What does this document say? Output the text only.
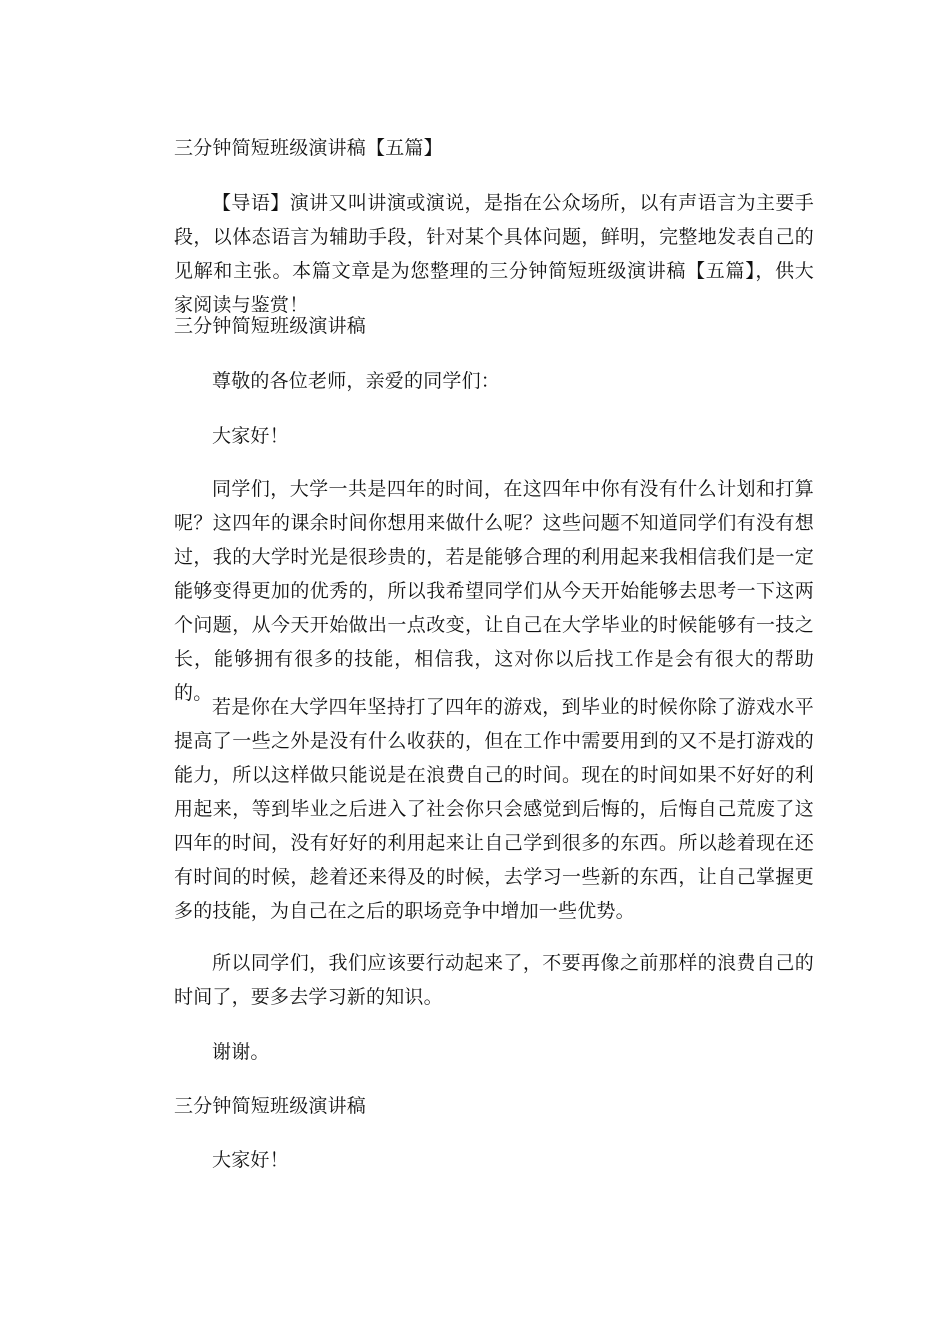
三分钟简短班级演讲稿【五篇】
【导语】演讲又叫讲演或演说，是指在公众场所，以有声语言为主要手段，以体态语言为辅助手段，针对某个具体问题，鲜明，完整地发表自己的见解和主张。本篇文章是为您整理的三分钟简短班级演讲稿【五篇】，供大家阅读与鉴赏！
三分钟简短班级演讲稿
尊敬的各位老师，亲爱的同学们：
大家好！
同学们，大学一共是四年的时间，在这四年中你有没有什么计划和打算呢？这四年的课余时间你想用来做什么呢？这些问题不知道同学们有没有想过，我的大学时光是很珍贵的，若是能够合理的利用起来我相信我们是一定能够变得更加的优秀的，所以我希望同学们从今天开始能够去思考一下这两个问题，从今天开始做出一点改变，让自己在大学毕业的时候能够有一技之长，能够拥有很多的技能，相信我，这对你以后找工作是会有很大的帮助的。
若是你在大学四年坚持打了四年的游戏，到毕业的时候你除了游戏水平提高了一些之外是没有什么收获的，但在工作中需要用到的又不是打游戏的能力，所以这样做只能说是在浪费自己的时间。现在的时间如果不好好的利用起来，等到毕业之后进入了社会你只会感觉到后悔的，后悔自己荒废了这四年的时间，没有好好的利用起来让自己学到很多的东西。所以趁着现在还有时间的时候，趁着还来得及的时候，去学习一些新的东西，让自己掌握更多的技能，为自己在之后的职场竞争中增加一些优势。
所以同学们，我们应该要行动起来了，不要再像之前那样的浪费自己的时间了，要多去学习新的知识。
谢谢。
三分钟简短班级演讲稿
大家好！
